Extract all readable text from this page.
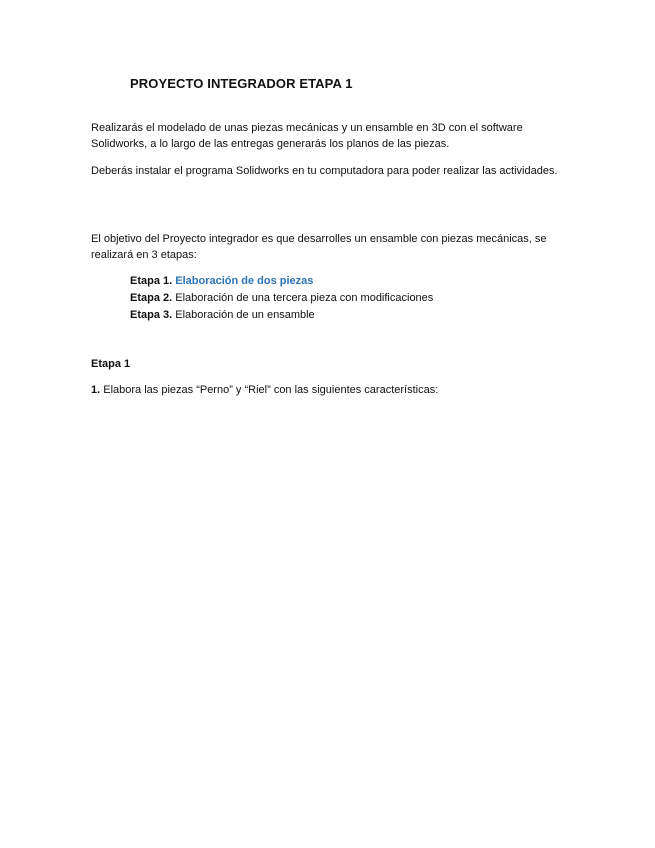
PROYECTO INTEGRADOR ETAPA 1

Realizarás el modelado de unas piezas mecánicas y un ensamble en 3D con el software Solidworks, a lo largo de las entregas generarás los planos de las piezas.

Deberás instalar el programa Solidworks en tu computadora para poder realizar las actividades.

El objetivo del Proyecto integrador es que desarrolles un ensamble con piezas mecánicas, se realizará en 3 etapas:

Etapa 1. Elaboración de dos piezas
Etapa 2. Elaboración de una tercera pieza con modificaciones
Etapa 3. Elaboración de un ensamble
Etapa 1
1. Elabora las piezas “Perno” y “Riel” con las siguientes características:
